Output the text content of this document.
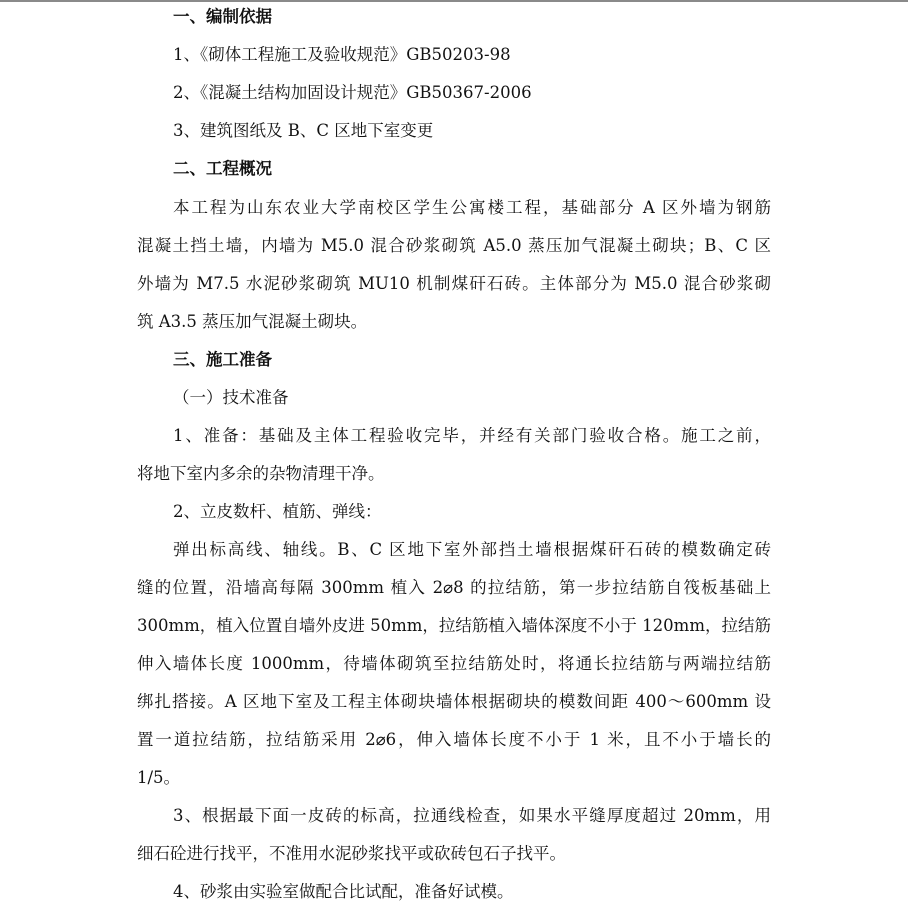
一、编制依据
1、《砌体工程施工及验收规范》GB50203-98
2、《混凝土结构加固设计规范》GB50367-2006
3、建筑图纸及 B、C 区地下室变更
二、工程概况
本工程为山东农业大学南校区学生公寓楼工程，基础部分 A 区外墙为钢筋
混凝土挡土墙，内墙为 M5.0 混合砂浆砌筑 A5.0 蒸压加气混凝土砌块；B、C 区
外墙为 M7.5 水泥砂浆砌筑 MU10 机制煤矸石砖。主体部分为 M5.0 混合砂浆砌
筑 A3.5 蒸压加气混凝土砌块。
三、施工准备
（一）技术准备
1、准备：基础及主体工程验收完毕，并经有关部门验收合格。施工之前，
将地下室内多余的杂物清理干净。
2、立皮数杆、植筋、弹线：
弹出标高线、轴线。B、C 区地下室外部挡土墙根据煤矸石砖的模数确定砖
缝的位置，沿墙高每隔 300mm 植入 2⌀8 的拉结筋，第一步拉结筋自筏板基础上
300mm，植入位置自墙外皮进 50mm，拉结筋植入墙体深度不小于 120mm，拉结筋
伸入墙体长度 1000mm，待墙体砌筑至拉结筋处时，将通长拉结筋与两端拉结筋
绑扎搭接。A 区地下室及工程主体砌块墙体根据砌块的模数间距 400～600mm 设
置一道拉结筋，拉结筋采用 2⌀6，伸入墙体长度不小于 1 米，且不小于墙长的
1/5。
3、根据最下面一皮砖的标高，拉通线检查，如果水平缝厚度超过 20mm，用
细石砼进行找平，不准用水泥砂浆找平或砍砖包石子找平。
4、砂浆由实验室做配合比试配，准备好试模。
